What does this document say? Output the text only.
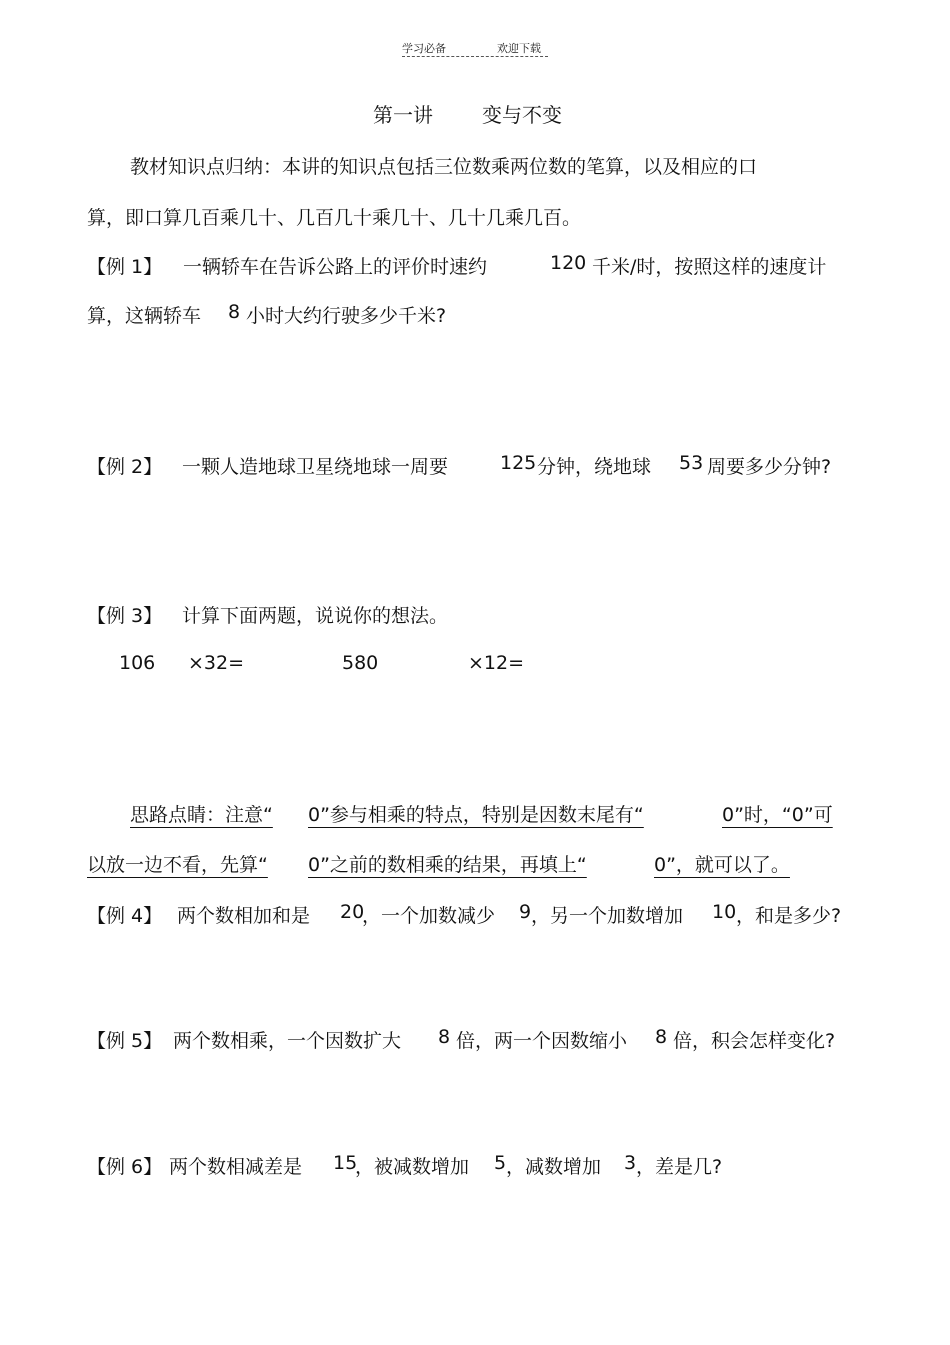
学习必备	欢迎下载
第一讲 变与不变
教材知识点归纳：本讲的知识点包括三位数乘两位数的笔算，以及相应的口
算，即口算几百乘几十、几百几十乘几十、几十几乘几百。
【例 1】 一辆轿车在告诉公路上的评价时速约	120 千米/时，按照这样的速度计
算，这辆轿车 8 小时大约行驶多少千米?
【例 2】 一颗人造地球卫星绕地球一周要	125 分钟，绕地球 53 周要多少分钟?
【例 3】 计算下面两题，说说你的想法。
106 ×32=	580	×12=
思路点睛：注意“ 0”参与相乘的特点，特别是因数末尾有“	0”时，“0”可
以放一边不看，先算“ 0”之前的数相乘的结果，再填上“	0”，就可以了。
【例 4】 两个数相加和是 20
，一个加数减少 9 ，另一个加数增加 10 ，和是多少?
【例 5】 两个数相乘，一个因数扩大 8 倍，两一个因数缩小 8 倍，积会怎样变化?
【例 6】 两个数相减差是 15
，被减数增加 5 ，减数增加 3 ，差是几?
